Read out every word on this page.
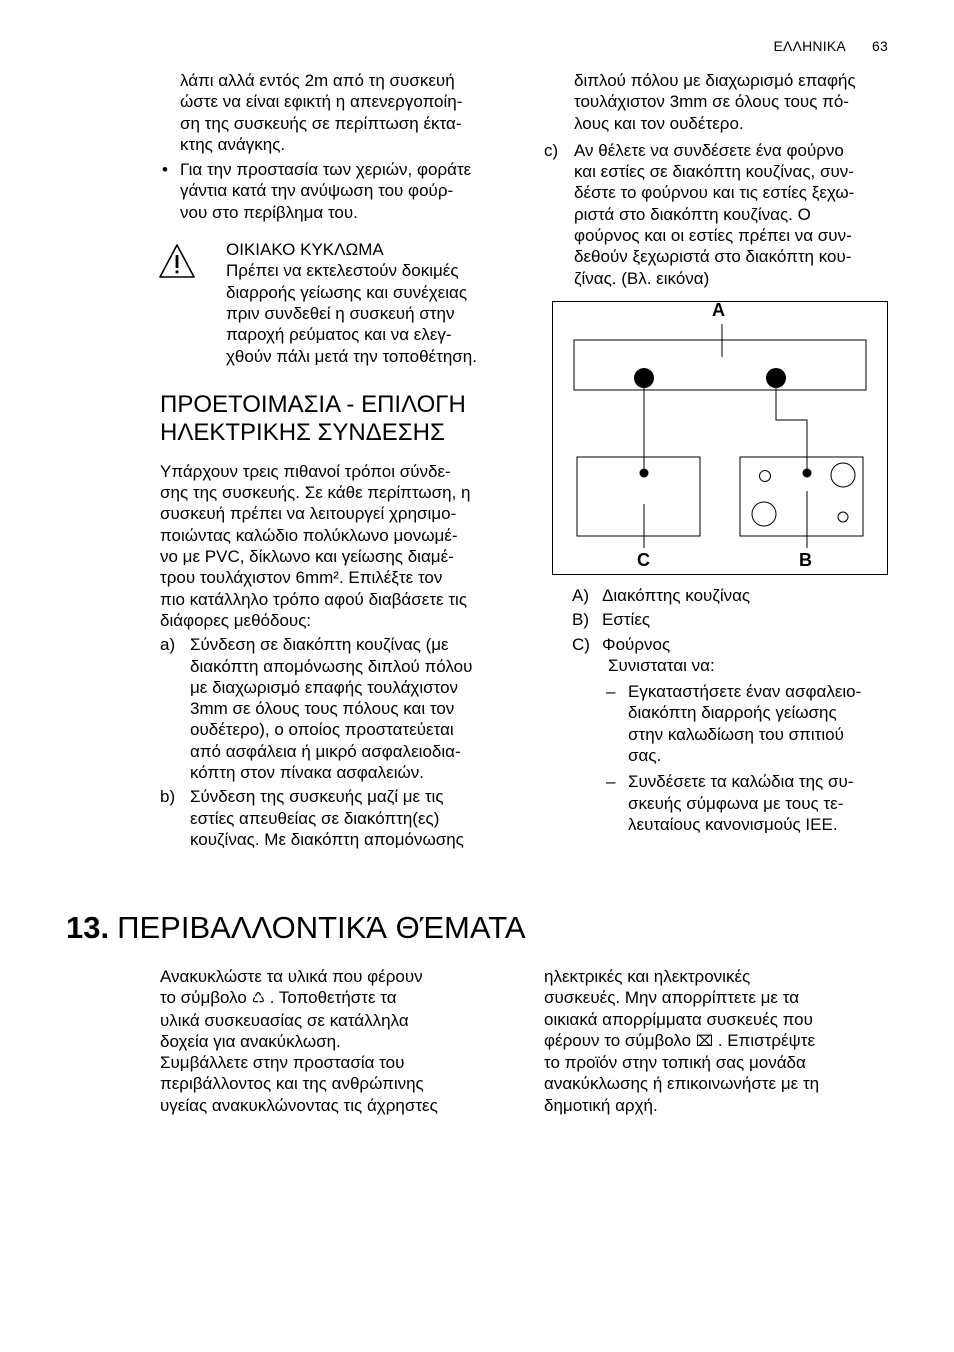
ΕΛΛΗΝΙΚΑ 63
λάπι αλλά εντός 2m από τη συσκευή
ώστε να είναι εφικτή η απενεργοποίη-
ση της συσκευής σε περίπτωση έκτα-
κτης ανάγκης.
• Για την προστασία των χεριών, φοράτε
γάντια κατά την ανύψωση του φούρ-
νου στο περίβλημα του.
ΟΙΚΙΑΚΟ ΚΥΚΛΩΜΑ
Πρέπει να εκτελεστούν δοκιμές
διαρροής γείωσης και συνέχειας
πριν συνδεθεί η συσκευή στην
παροχή ρεύματος και να ελεγ-
χθούν πάλι μετά την τοποθέτηση.
ΠΡΟΕΤΟΙΜΑΣΙΑ - ΕΠΙΛΟΓΗ
ΗΛΕΚΤΡΙΚΗΣ ΣΥΝΔΕΣΗΣ
Υπάρχουν τρεις πιθανοί τρόποι σύνδε-
σης της συσκευής. Σε κάθε περίπτωση, η
συσκευή πρέπει να λειτουργεί χρησιμο-
ποιώντας καλώδιο πολύκλωνο μονωμέ-
νο με PVC, δίκλωνο και γείωσης διαμέ-
τρου τουλάχιστον 6mm². Επιλέξτε τον
πιο κατάλληλο τρόπο αφού διαβάσετε τις
διάφορες μεθόδους:
a) Σύνδεση σε διακόπτη κουζίνας (με
διακόπτη απομόνωσης διπλού πόλου
με διαχωρισμό επαφής τουλάχιστον
3mm σε όλους τους πόλους και τον
ουδέτερο), ο οποίος προστατεύεται
από ασφάλεια ή μικρό ασφαλειοδια-
κόπτη στον πίνακα ασφαλειών.
b) Σύνδεση της συσκευής μαζί με τις
εστίες απευθείας σε διακόπτη(ες)
κουζίνας. Με διακόπτη απομόνωσης
διπλού πόλου με διαχωρισμό επαφής
τουλάχιστον 3mm σε όλους τους πό-
λους και τον ουδέτερο.
c) Αν θέλετε να συνδέσετε ένα φούρνο
και εστίες σε διακόπτη κουζίνας, συν-
δέστε το φούρνου και τις εστίες ξεχω-
ριστά στο διακόπτη κουζίνας. Ο
φούρνος και οι εστίες πρέπει να συν-
δεθούν ξεχωριστά στο διακόπτη κου-
ζίνας. (Βλ. εικόνα)
A
C	B
A) Διακόπτης κουζίνας
B) Εστίες
C) Φούρνος
Συνισταται να:
– Εγκαταστήσετε έναν ασφαλειο-
διακόπτη διαρροής γείωσης
στην καλωδίωση του σπιτιού
σας.
– Συνδέσετε τα καλώδια της συ-
σκευής σύμφωνα με τους τε-
λευταίους κανονισμούς ΙΕΕ.
13. ΠΕΡΙΒΑΛΛΟΝΤΙΚΆ ΘΈΜΑΤΑ
Ανακυκλώστε τα υλικά που φέρουν
το σύμβολο ♺ . Τοποθετήστε τα
υλικά συσκευασίας σε κατάλληλα
δοχεία για ανακύκλωση.
Συμβάλλετε στην προστασία του
περιβάλλοντος και της ανθρώπινης
υγείας ανακυκλώνοντας τις άχρηστες
ηλεκτρικές και ηλεκτρονικές
συσκευές. Μην απορρίπτετε με τα
οικιακά απορρίμματα συσκευές που
φέρουν το σύμβολο ⌧ . Επιστρέψτε
το προϊόν στην τοπική σας μονάδα
ανακύκλωσης ή επικοινωνήστε με τη
δημοτική αρχή.
